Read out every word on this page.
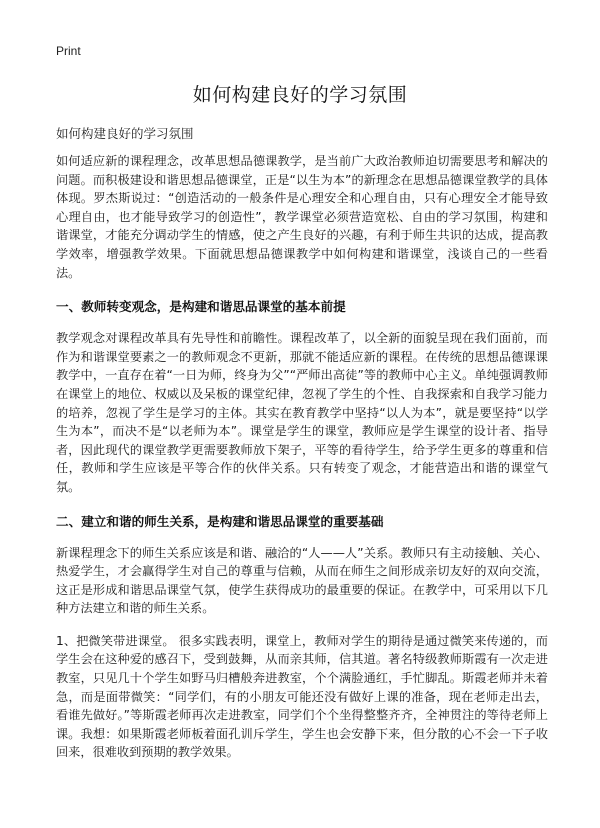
Print
如何构建良好的学习氛围
如何构建良好的学习氛围

如何适应新的课程理念，改革思想品德课教学，是当前广大政治教师迫切需要思考和解决的问题。而积极建设和谐思想品德课堂，正是“以生为本”的新理念在思想品德课堂教学的具体体现。罗杰斯说过：“创造活动的一般条件是心理安全和心理自由，只有心理安全才能导致心理自由，也才能导致学习的创造性”，教学课堂必须营造宽松、自由的学习氛围，构建和谐课堂，才能充分调动学生的情感，使之产生良好的兴趣，有利于师生共识的达成，提高教学效率，增强教学效果。下面就思想品德课教学中如何构建和谐课堂，浅谈自己的一些看法。

一、教师转变观念，是构建和谐思品课堂的基本前提

教学观念对课程改革具有先导性和前瞻性。课程改革了，以全新的面貌呈现在我们面前，而作为和谐课堂要素之一的教师观念不更新，那就不能适应新的课程。在传统的思想品德课课教学中，一直存在着“一日为师，终身为父”“严师出高徒”等的教师中心主义。单纯强调教师在课堂上的地位、权威以及呆板的课堂纪律，忽视了学生的个性、自我探索和自我学习能力的培养，忽视了学生是学习的主体。其实在教育教学中坚持“以人为本”，就是要坚持“以学生为本”，而决不是“以老师为本”。课堂是学生的课堂，教师应是学生课堂的设计者、指导者，因此现代的课堂教学更需要教师放下架子，平等的看待学生，给予学生更多的尊重和信任，教师和学生应该是平等合作的伙伴关系。只有转变了观念，才能营造出和谐的课堂气氛。

二、建立和谐的师生关系，是构建和谐思品课堂的重要基础

新课程理念下的师生关系应该是和谐、融洽的“人——人”关系。教师只有主动接触、关心、热爱学生，才会赢得学生对自己的尊重与信赖，从而在师生之间形成亲切友好的双向交流，这正是形成和谐思品课堂气氛，使学生获得成功的最重要的保证。在教学中，可采用以下几种方法建立和谐的师生关系。

1、把微笑带进课堂。 很多实践表明，课堂上，教师对学生的期待是通过微笑来传递的，而学生会在这种爱的感召下，受到鼓舞，从而亲其师，信其道。著名特级教师斯霞有一次走进教室，只见几十个学生如野马归槽般奔进教室，个个满脸通红，手忙脚乱。斯霞老师并未着急，而是面带微笑：“同学们，有的小朋友可能还没有做好上课的准备，现在老师走出去，看谁先做好。”等斯霞老师再次走进教室，同学们个个坐得整整齐齐，全神贯注的等待老师上课。我想：如果斯霞老师板着面孔训斥学生，学生也会安静下来，但分散的心不会一下子收回来，很难收到预期的教学效果。
